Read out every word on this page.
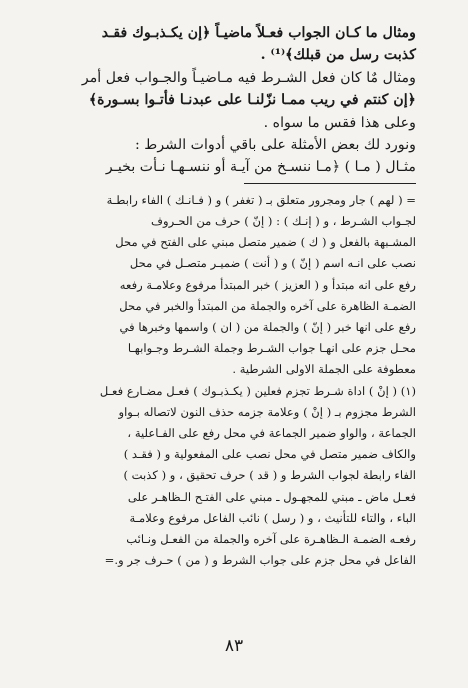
ومثال ما كـان الجواب فعـلاً ماضيـاً ﴿إن يكـذبـوك فقـد

كذبت رسل من قبلك﴾⁽¹⁾ .

ومثال مٌا كان فعل الشـرط فيه مـاضيـاً والجـواب فعل أمر

﴿إن كنتم في ريب ممـا نزّلنـا على عبدنـا فأتـوا بسـورة﴾

وعلى هذا فقس ما سواه .

ونورد لك بعض الأمثلة على باقي أدوات الشرط :

مثـال ( مـا ) ﴿مـا ننسـخ من آيـة أو ننسـهـا نـأت بخيـر

= ( لهم ) جار ومجرور متعلق بـ ( تغفر ) و ( فـانـك ) الفاء رابطـة

لجـواب الشـرط ، و ( إنـك ) : ( إنّ ) حرف من الحـروف

المشـبهة بالفعل و ( ك ) ضمير متصل مبني على الفتح في محل

نصب على انـه اسم ( إنّ ) و ( أنت ) ضميـر متصـل في محل

رفع على انه مبتدأ و ( العزيز ) خبر المبتدأ مرفوع وعلامـة رفعه

الضمـة الظاهرة على آخره والجملة من المبتدأ والخبر في محل

رفع على انها خبر ( إنّ ) والجملة من ( ان ) واسمها وخبرها في

محـل جزم على انهـا جواب الشـرط وجملة الشـرط وجـوابهـا

معطوفة على الجملة الاولى الشرطية .

(١) ( إنْ ) اداة شـرط تجزم فعلين ( يكـذبـوك ) فعـل مضـارع فعـل

الشرط مجزوم بـ ( إنْ ) وعلامة جزمه حذف النون لاتصاله بـواو

الجماعة ، والواو ضمير الجماعة في محل رفع على الفـاعلية ،

والكاف ضمير متصل في محل نصب على المفعولية و ( فقـد )

الفاء رابطة لجواب الشرط و ( قد ) حرف تحقيق ، و ( كذبت )

فعـل ماض ـ مبني للمجهـول ـ مبني على الفتـح الـظاهـر على

الباء ، والتاء للتأنيث ، و ( رسل ) نائب الفاعل مرفوع وعلامـة

رفعـه الضمـة الـظاهـرة على آخره والجملة من الفعـل ونـائب

الفاعل في محل جزم على جواب الشرط و ( من ) حـرف جر و.=

٨٣
